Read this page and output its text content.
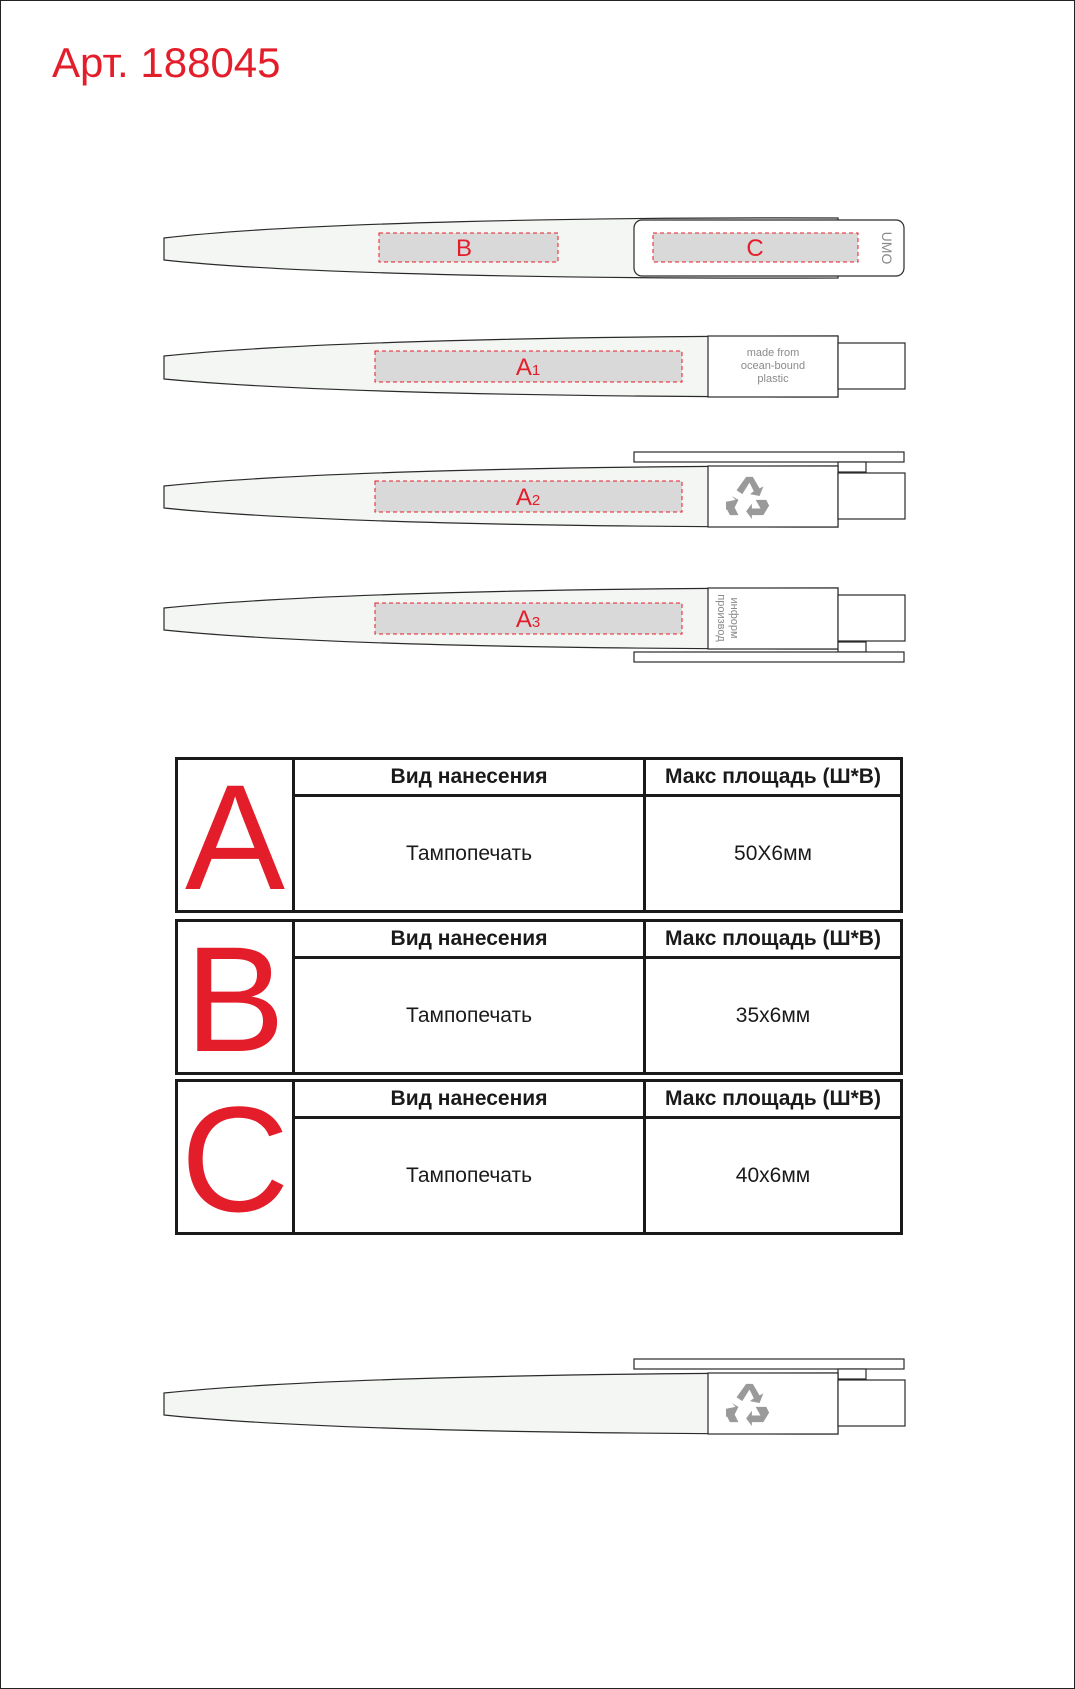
Арт. 188045
B	C	UMO
A1
made from
ocean-bound
plastic
A2
A3	информ
производ
A	Вид нанесения	Макс площадь (Ш*В)
	Тампопечать	50X6мм
B	Вид нанесения	Макс площадь (Ш*В)
	Тампопечать	35x6мм
C	Вид нанесения	Макс площадь (Ш*В)
	Тампопечать	40x6мм
